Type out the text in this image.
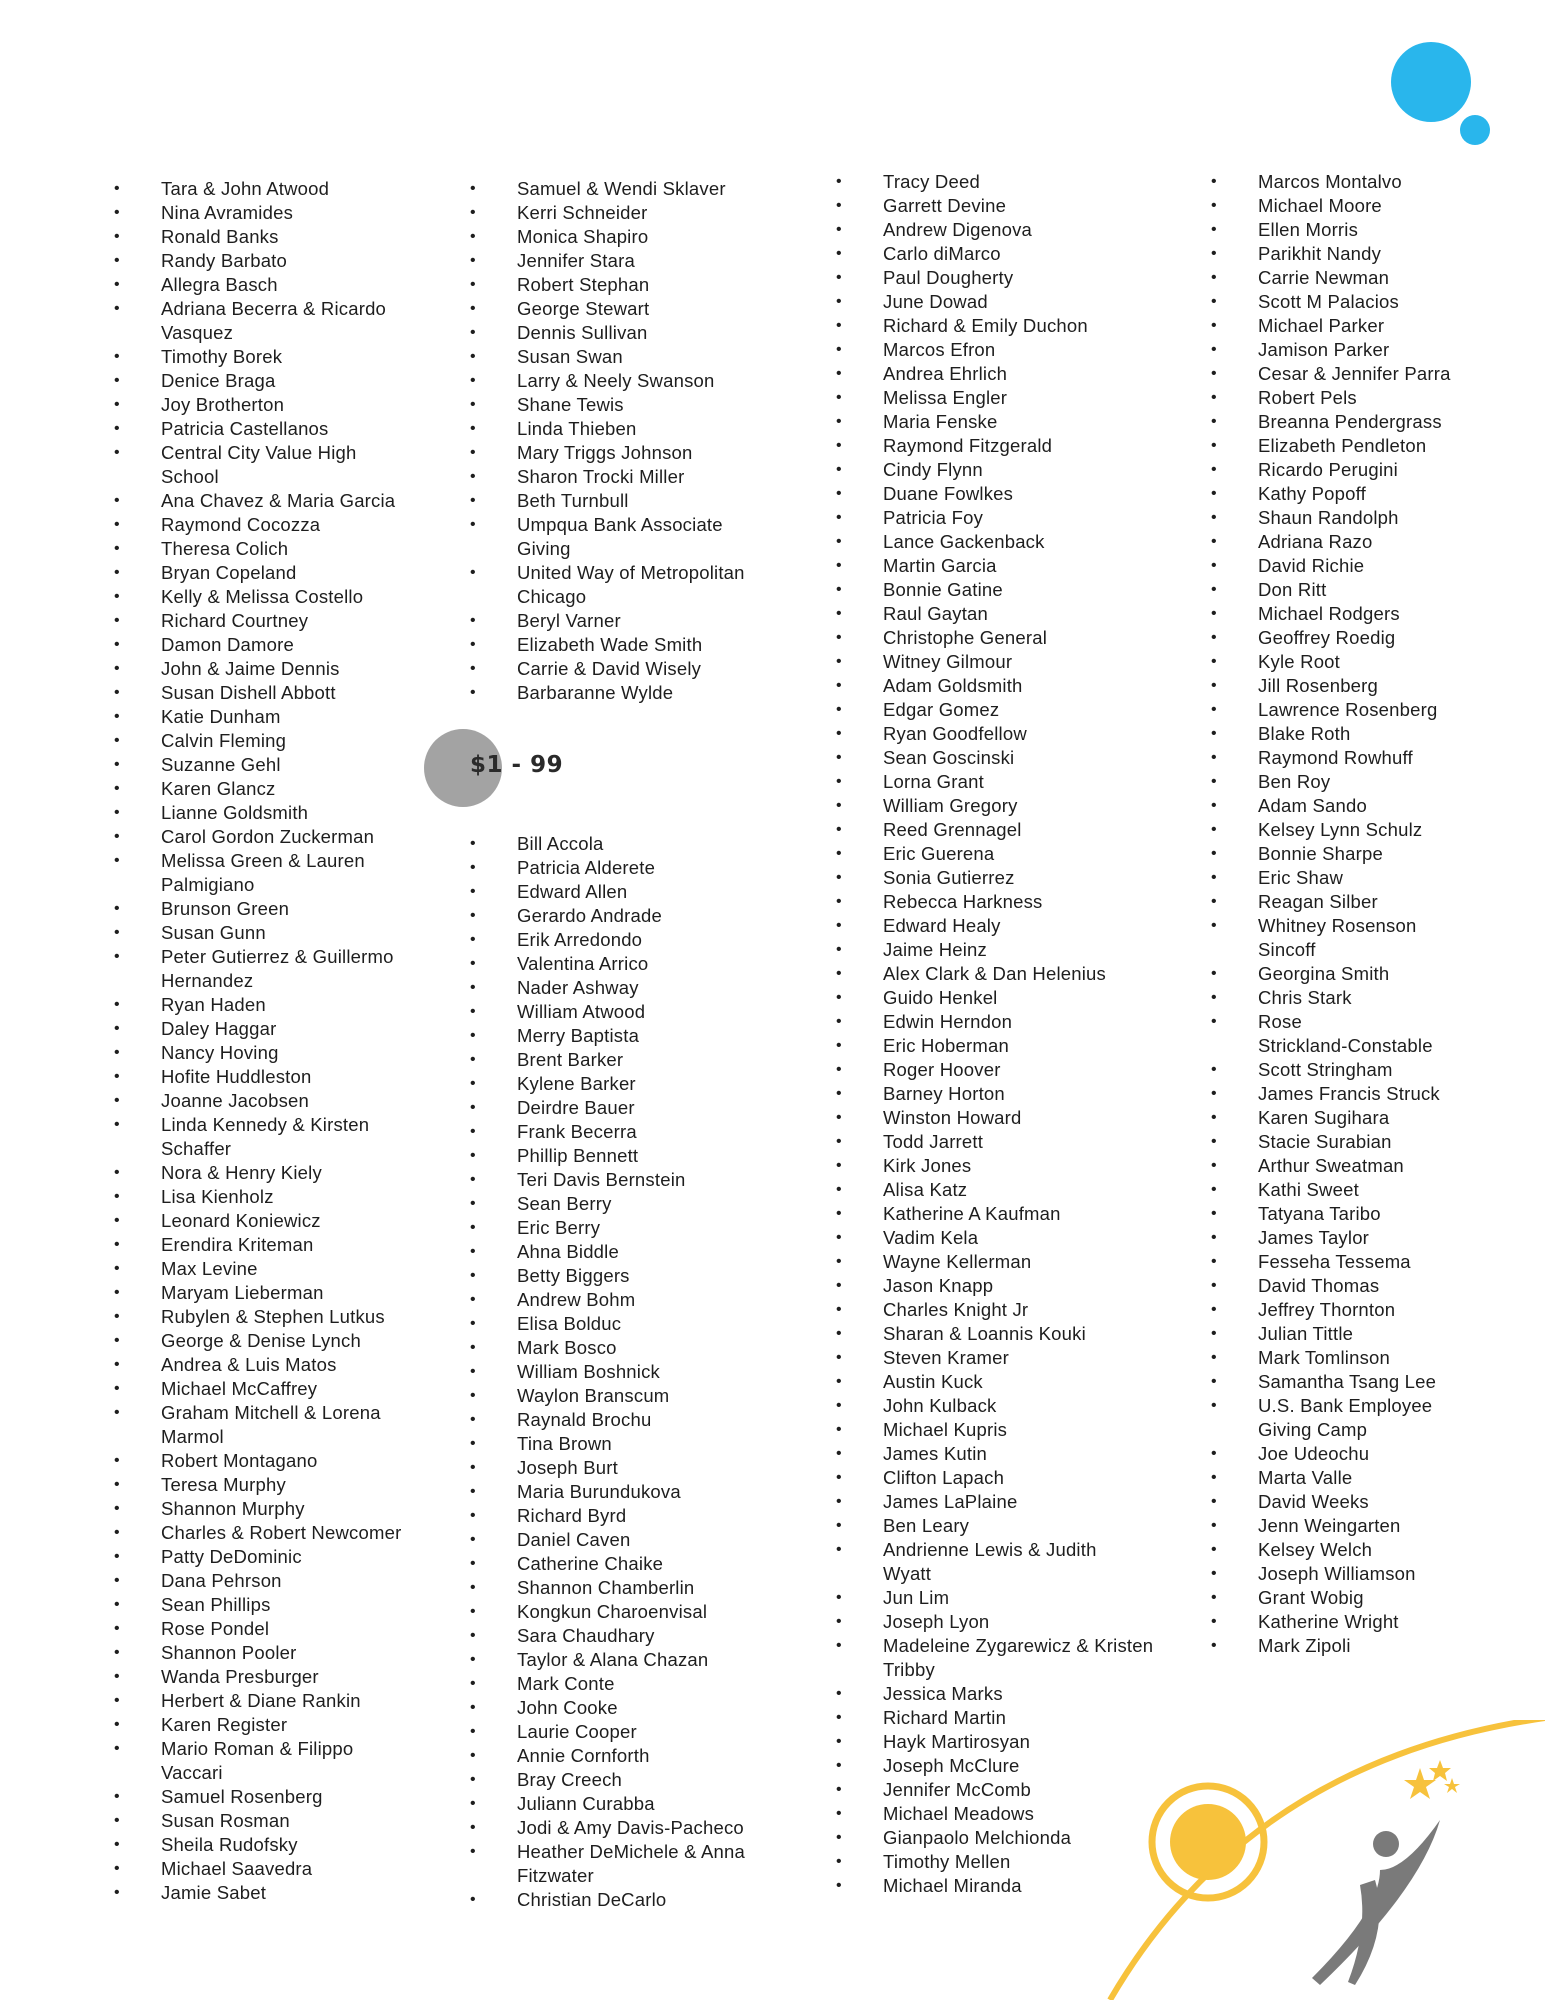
• Tara & John Atwood
• Nina Avramides
• Ronald Banks
• Randy Barbato
• Allegra Basch
• Adriana Becerra & Ricardo
Vasquez
• Timothy Borek
• Denice Braga
• Joy Brotherton
• Patricia Castellanos
• Central City Value High
School
• Ana Chavez & Maria Garcia
• Raymond Cocozza
• Theresa Colich
• Bryan Copeland
• Kelly & Melissa Costello
• Richard Courtney
• Damon Damore
• John & Jaime Dennis
• Susan Dishell Abbott
• Katie Dunham
• Calvin Fleming
• Suzanne Gehl
• Karen Glancz
• Lianne Goldsmith
• Carol Gordon Zuckerman
• Melissa Green & Lauren
Palmigiano
• Brunson Green
• Susan Gunn
• Peter Gutierrez & Guillermo
Hernandez
• Ryan Haden
• Daley Haggar
• Nancy Hoving
• Hofite Huddleston
• Joanne Jacobsen
• Linda Kennedy & Kirsten
Schaffer
• Nora & Henry Kiely
• Lisa Kienholz
• Leonard Koniewicz
• Erendira Kriteman
• Max Levine
• Maryam Lieberman
• Rubylen & Stephen Lutkus
• George & Denise Lynch
• Andrea & Luis Matos
• Michael McCaffrey
• Graham Mitchell & Lorena
Marmol
• Robert Montagano
• Teresa Murphy
• Shannon Murphy
• Charles & Robert Newcomer
• Patty DeDominic
• Dana Pehrson
• Sean Phillips
• Rose Pondel
• Shannon Pooler
• Wanda Presburger
• Herbert & Diane Rankin
• Karen Register
• Mario Roman & Filippo
Vaccari
• Samuel Rosenberg
• Susan Rosman
• Sheila Rudofsky
• Michael Saavedra
• Jamie Sabet
• Samuel & Wendi Sklaver
• Kerri Schneider
• Monica Shapiro
• Jennifer Stara
• Robert Stephan
• George Stewart
• Dennis Sullivan
• Susan Swan
• Larry & Neely Swanson
• Shane Tewis
• Linda Thieben
• Mary Triggs Johnson
• Sharon Trocki Miller
• Beth Turnbull
• Umpqua Bank Associate
Giving
• United Way of Metropolitan
Chicago
• Beryl Varner
• Elizabeth Wade Smith
• Carrie & David Wisely
• Barbaranne Wylde
$1 - 99
• Bill Accola
• Patricia Alderete
• Edward Allen
• Gerardo Andrade
• Erik Arredondo
• Valentina Arrico
• Nader Ashway
• William Atwood
• Merry Baptista
• Brent Barker
• Kylene Barker
• Deirdre Bauer
• Frank Becerra
• Phillip Bennett
• Teri Davis Bernstein
• Sean Berry
• Eric Berry
• Ahna Biddle
• Betty Biggers
• Andrew Bohm
• Elisa Bolduc
• Mark Bosco
• William Boshnick
• Waylon Branscum
• Raynald Brochu
• Tina Brown
• Joseph Burt
• Maria Burundukova
• Richard Byrd
• Daniel Caven
• Catherine Chaike
• Shannon Chamberlin
• Kongkun Charoenvisal
• Sara Chaudhary
• Taylor & Alana Chazan
• Mark Conte
• John Cooke
• Laurie Cooper
• Annie Cornforth
• Bray Creech
• Juliann Curabba
• Jodi & Amy Davis-Pacheco
• Heather DeMichele & Anna
Fitzwater
• Christian DeCarlo
• Tracy Deed
• Garrett Devine
• Andrew Digenova
• Carlo diMarco
• Paul Dougherty
• June Dowad
• Richard & Emily Duchon
• Marcos Efron
• Andrea Ehrlich
• Melissa Engler
• Maria Fenske
• Raymond Fitzgerald
• Cindy Flynn
• Duane Fowlkes
• Patricia Foy
• Lance Gackenback
• Martin Garcia
• Bonnie Gatine
• Raul Gaytan
• Christophe General
• Witney Gilmour
• Adam Goldsmith
• Edgar Gomez
• Ryan Goodfellow
• Sean Goscinski
• Lorna Grant
• William Gregory
• Reed Grennagel
• Eric Guerena
• Sonia Gutierrez
• Rebecca Harkness
• Edward Healy
• Jaime Heinz
• Alex Clark & Dan Helenius
• Guido Henkel
• Edwin Herndon
• Eric Hoberman
• Roger Hoover
• Barney Horton
• Winston Howard
• Todd Jarrett
• Kirk Jones
• Alisa Katz
• Katherine A Kaufman
• Vadim Kela
• Wayne Kellerman
• Jason Knapp
• Charles Knight Jr
• Sharan & Loannis Kouki
• Steven Kramer
• Austin Kuck
• John Kulback
• Michael Kupris
• James Kutin
• Clifton Lapach
• James LaPlaine
• Ben Leary
• Andrienne Lewis & Judith
Wyatt
• Jun Lim
• Joseph Lyon
• Madeleine Zygarewicz & Kristen
Tribby
• Jessica Marks
• Richard Martin
• Hayk Martirosyan
• Joseph McClure
• Jennifer McComb
• Michael Meadows
• Gianpaolo Melchionda
• Timothy Mellen
• Michael Miranda
• Marcos Montalvo
• Michael Moore
• Ellen Morris
• Parikhit Nandy
• Carrie Newman
• Scott M Palacios
• Michael Parker
• Jamison Parker
• Cesar & Jennifer Parra
• Robert Pels
• Breanna Pendergrass
• Elizabeth Pendleton
• Ricardo Perugini
• Kathy Popoff
• Shaun Randolph
• Adriana Razo
• David Richie
• Don Ritt
• Michael Rodgers
• Geoffrey Roedig
• Kyle Root
• Jill Rosenberg
• Lawrence Rosenberg
• Blake Roth
• Raymond Rowhuff
• Ben Roy
• Adam Sando
• Kelsey Lynn Schulz
• Bonnie Sharpe
• Eric Shaw
• Reagan Silber
• Whitney Rosenson
Sincoff
• Georgina Smith
• Chris Stark
• Rose
Strickland-Constable
• Scott Stringham
• James Francis Struck
• Karen Sugihara
• Stacie Surabian
• Arthur Sweatman
• Kathi Sweet
• Tatyana Taribo
• James Taylor
• Fesseha Tessema
• David Thomas
• Jeffrey Thornton
• Julian Tittle
• Mark Tomlinson
• Samantha Tsang Lee
• U.S. Bank Employee
Giving Camp
• Joe Udeochu
• Marta Valle
• David Weeks
• Jenn Weingarten
• Kelsey Welch
• Joseph Williamson
• Grant Wobig
• Katherine Wright
• Mark Zipoli
